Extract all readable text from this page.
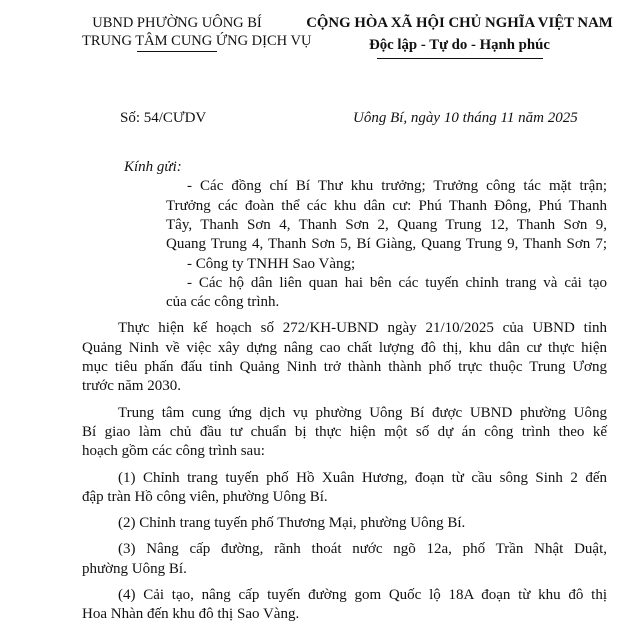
UBND PHƯỜNG UÔNG BÍ
TRUNG TÂM CUNG ỨNG DỊCH VỤ
CỘNG HÒA XÃ HỘI CHỦ NGHĨA VIỆT NAM
Độc lập - Tự do - Hạnh phúc
Số: 54/CƯDV	Uông Bí, ngày 10 tháng 11 năm 2025
Kính gửi:
- Các đồng chí Bí Thư khu trưởng; Trưởng công tác mặt trận;
Trưởng các đoàn thể các khu dân cư: Phú Thanh Đông, Phú Thanh
Tây, Thanh Sơn 4, Thanh Sơn 2, Quang Trung 12, Thanh Sơn 9,
Quang Trung 4, Thanh Sơn 5, Bí Giàng, Quang Trung 9, Thanh Sơn 7;
- Công ty TNHH Sao Vàng;
- Các hộ dân liên quan hai bên các tuyến chỉnh trang và cải tạo
của các công trình.
Thực hiện kế hoạch số 272/KH-UBND ngày 21/10/2025 của UBND tỉnh
Quảng Ninh về việc xây dựng nâng cao chất lượng đô thị, khu dân cư thực hiện
mục tiêu phấn đấu tỉnh Quảng Ninh trở thành thành phố trực thuộc Trung Ương
trước năm 2030.
Trung tâm cung ứng dịch vụ phường Uông Bí được UBND phường Uông
Bí giao làm chủ đầu tư chuẩn bị thực hiện một số dự án công trình theo kế
hoạch gồm các công trình sau:
(1) Chỉnh trang tuyến phố Hồ Xuân Hương, đoạn từ cầu sông Sinh 2 đến
đập tràn Hồ công viên, phường Uông Bí.
(2) Chỉnh trang tuyến phố Thương Mại, phường Uông Bí.
(3) Nâng cấp đường, rãnh thoát nước ngõ 12a, phố Trần Nhật Duật,
phường Uông Bí.
(4) Cải tạo, nâng cấp tuyến đường gom Quốc lộ 18A đoạn từ khu đô thị
Hoa Nhàn đến khu đô thị Sao Vàng.
